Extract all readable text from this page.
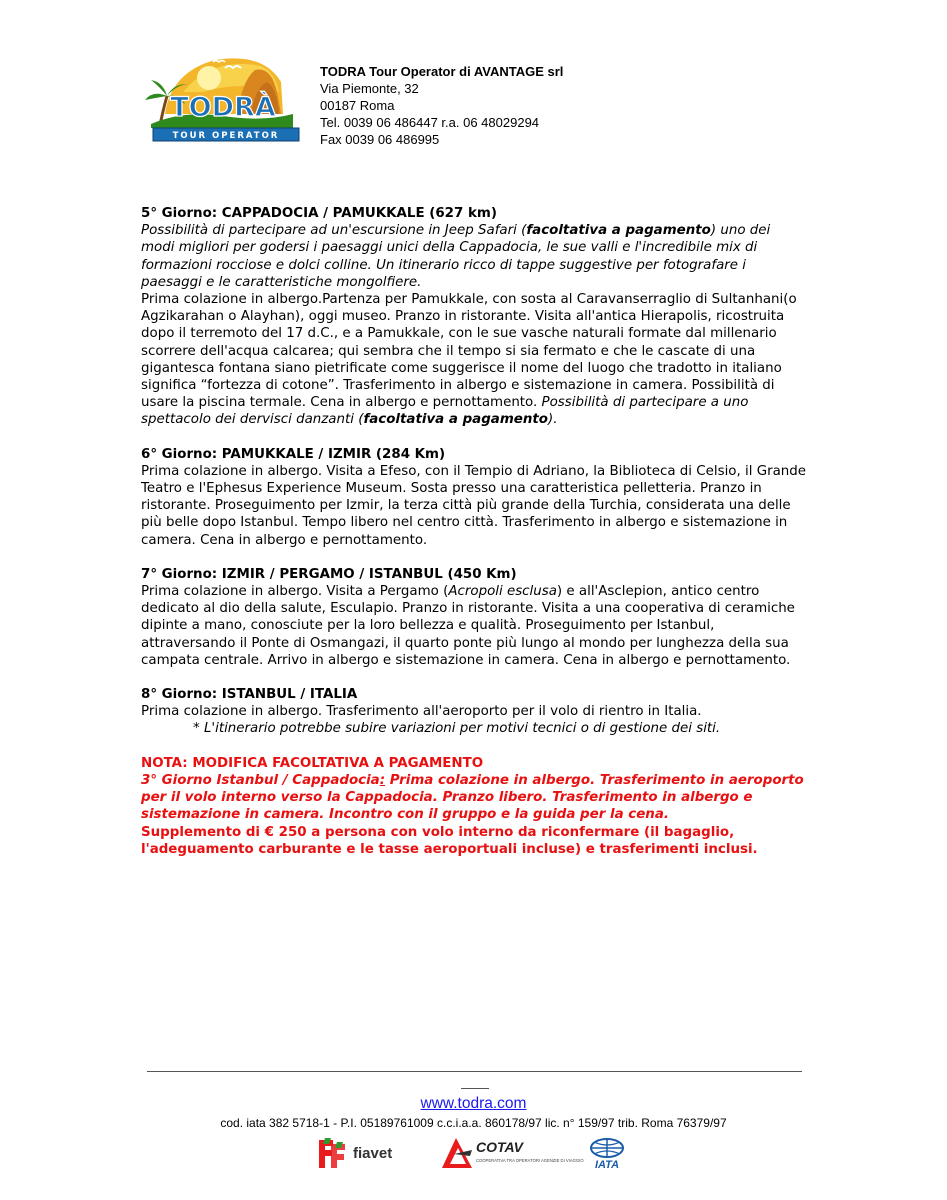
TODRÀ
TOUR OPERATOR
TODRA Tour Operator di AVANTAGE srl
Via Piemonte, 32
00187 Roma
Tel. 0039 06 486447 r.a. 06 48029294
Fax 0039 06 486995
5° Giorno: CAPPADOCIA / PAMUKKALE (627 km)

Possibilità di partecipare ad un'escursione in Jeep Safari (facoltativa a pagamento) uno dei modi migliori per godersi i paesaggi unici della Cappadocia, le sue valli e l'incredibile mix di formazioni rocciose e dolci colline. Un itinerario ricco di tappe suggestive per fotografare i paesaggi e le caratteristiche mongolfiere.

Prima colazione in albergo.Partenza per Pamukkale, con sosta al Caravanserraglio di Sultanhani(o Agzikarahan o Alayhan), oggi museo. Pranzo in ristorante. Visita all'antica Hierapolis, ricostruita dopo il terremoto del 17 d.C., e a Pamukkale, con le sue vasche naturali formate dal millenario scorrere dell'acqua calcarea; qui sembra che il tempo si sia fermato e che le cascate di una gigantesca fontana siano pietrificate come suggerisce il nome del luogo che tradotto in italiano significa “fortezza di cotone”. Trasferimento in albergo e sistemazione in camera. Possibilità di usare la piscina termale. Cena in albergo e pernottamento. Possibilità di partecipare a uno spettacolo dei dervisci danzanti (facoltativa a pagamento).

6° Giorno: PAMUKKALE / IZMIR (284 Km)

Prima colazione in albergo. Visita a Efeso, con il Tempio di Adriano, la Biblioteca di Celsio, il Grande Teatro e l'Ephesus Experience Museum. Sosta presso una caratteristica pelletteria. Pranzo in ristorante. Proseguimento per Izmir, la terza città più grande della Turchia, considerata una delle più belle dopo Istanbul. Tempo libero nel centro città. Trasferimento in albergo e sistemazione in camera. Cena in albergo e pernottamento.

7° Giorno: IZMIR / PERGAMO / ISTANBUL (450 Km)

Prima colazione in albergo. Visita a Pergamo (Acropoli esclusa) e all'Asclepion, antico centro dedicato al dio della salute, Esculapio. Pranzo in ristorante. Visita a una cooperativa di ceramiche dipinte a mano, conosciute per la loro bellezza e qualità. Proseguimento per Istanbul, attraversando il Ponte di Osmangazi, il quarto ponte più lungo al mondo per lunghezza della sua campata centrale. Arrivo in albergo e sistemazione in camera. Cena in albergo e pernottamento.

8° Giorno: ISTANBUL / ITALIA

Prima colazione in albergo. Trasferimento all'aeroporto per il volo di rientro in Italia.

* L'itinerario potrebbe subire variazioni per motivi tecnici o di gestione dei siti.

NOTA: MODIFICA FACOLTATIVA A PAGAMENTO

3° Giorno Istanbul / Cappadocia: Prima colazione in albergo. Trasferimento in aeroporto per il volo interno verso la Cappadocia. Pranzo libero. Trasferimento in albergo e sistemazione in camera. Incontro con il gruppo e la guida per la cena.

Supplemento di € 250 a persona con volo interno da riconfermare (il bagaglio, l'adeguamento carburante e le tasse aeroportuali incluse) e trasferimenti inclusi.

www.todra.com
cod. iata 382 5718-1 - P.I. 05189761009 c.c.i.a.a. 860178/97 lic. n° 159/97 trib. Roma 76379/97
fiavet	COTAV
COOPERATIVA TRA OPERATORI AGENZIE DI VIAGGIO IATA
